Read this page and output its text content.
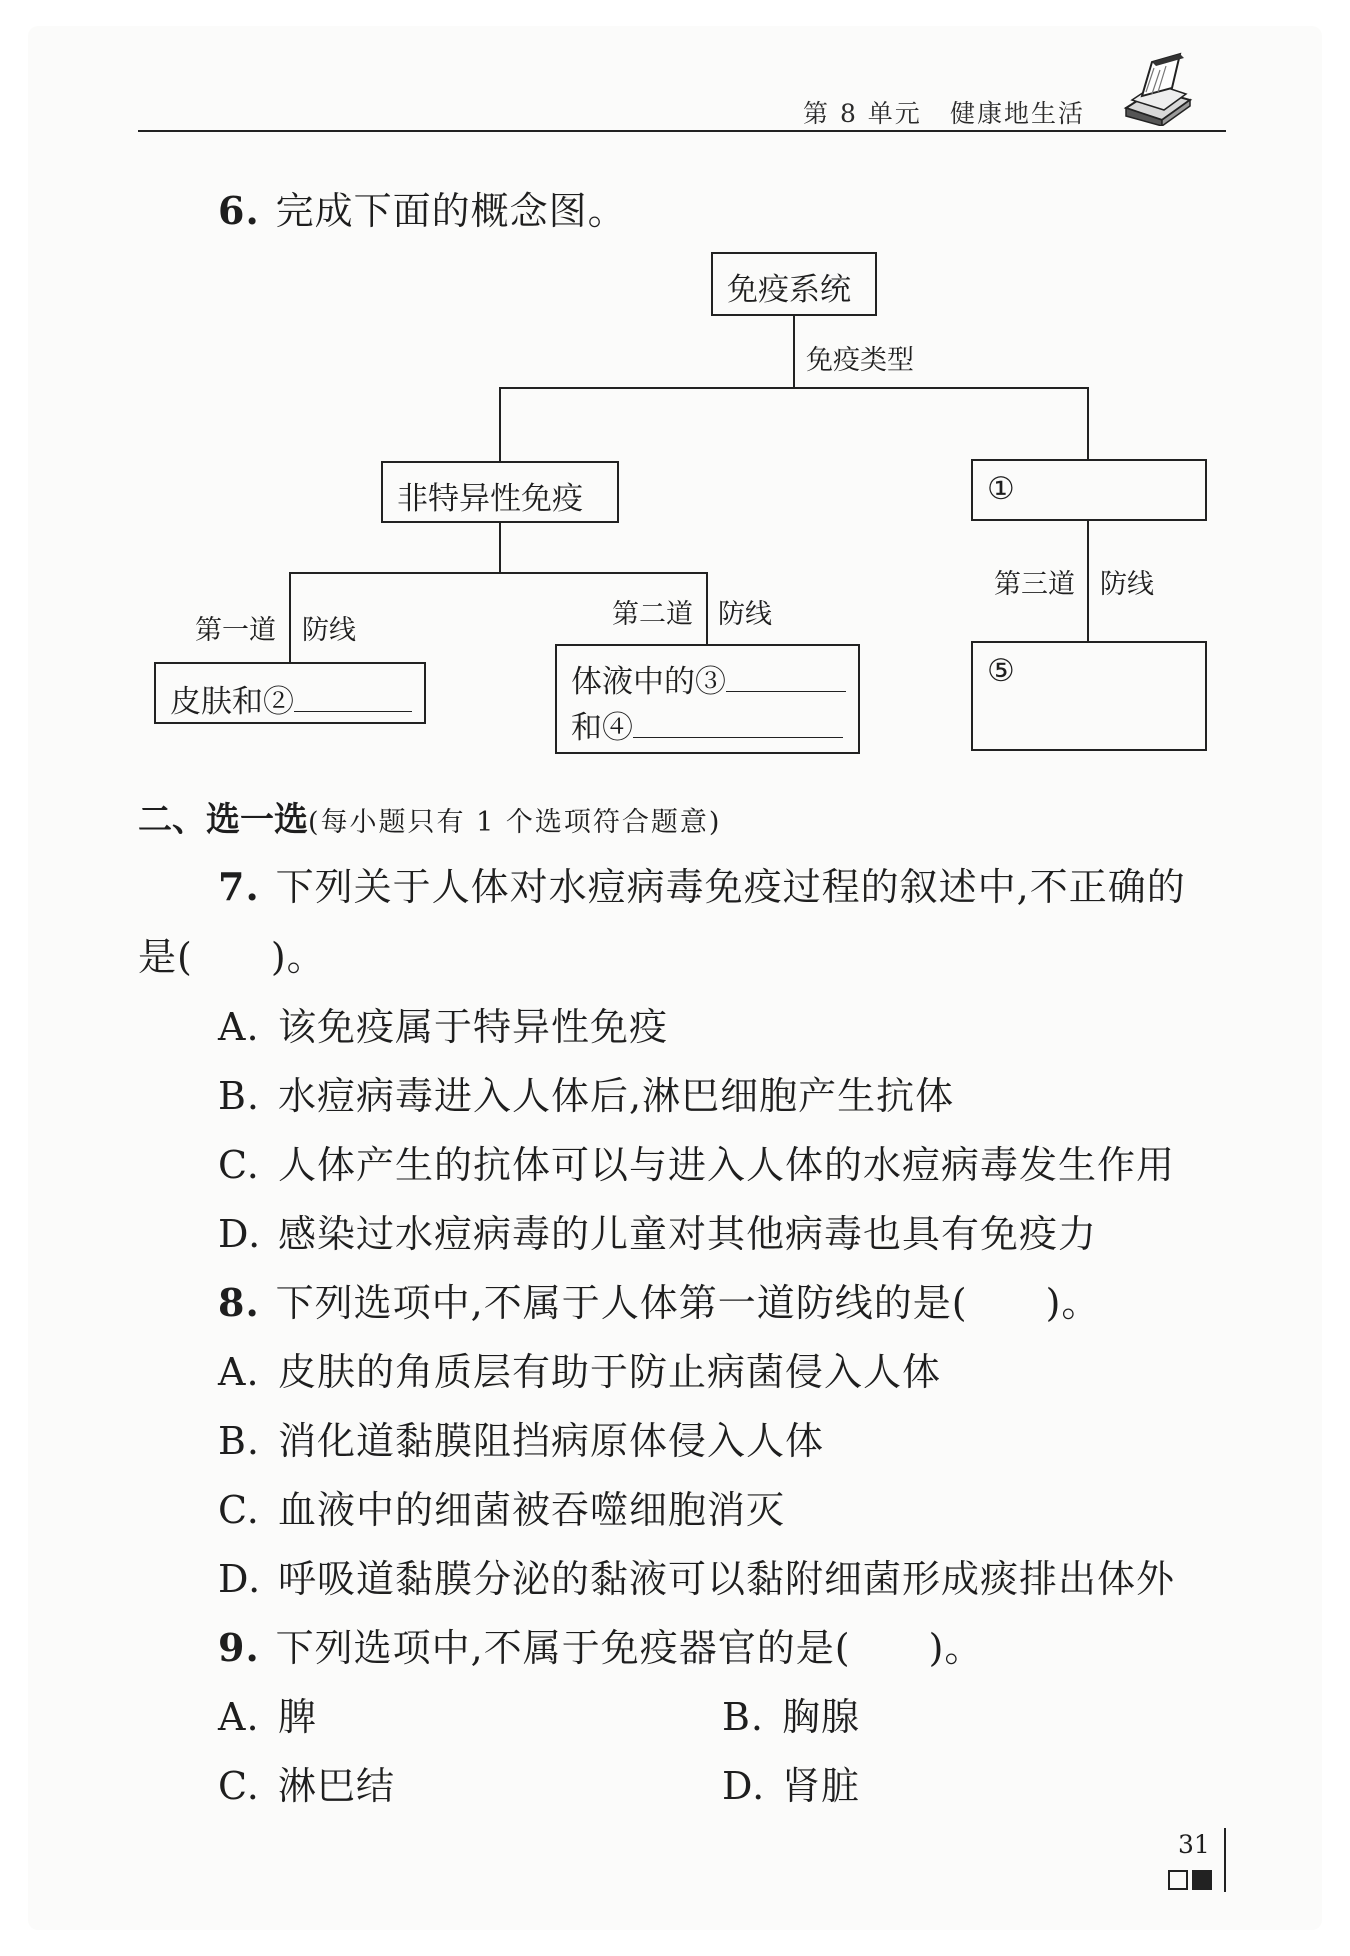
第 8 单元 健康地生活
6. 完成下面的概念图。
免疫系统
免疫类型
非特异性免疫	①
第一道 防线
第二道 防线
第三道 防线
皮肤和②
体液中的③
和④
⑤
二、选一选(每小题只有 1 个选项符合题意)
7. 下列关于人体对水痘病毒免疫过程的叙述中,不正确的
是(　　)。
A. 该免疫属于特异性免疫
B. 水痘病毒进入人体后,淋巴细胞产生抗体
C. 人体产生的抗体可以与进入人体的水痘病毒发生作用
D. 感染过水痘病毒的儿童对其他病毒也具有免疫力
8. 下列选项中,不属于人体第一道防线的是(　　)。
A. 皮肤的角质层有助于防止病菌侵入人体
B. 消化道黏膜阻挡病原体侵入人体
C. 血液中的细菌被吞噬细胞消灭
D. 呼吸道黏膜分泌的黏液可以黏附细菌形成痰排出体外
9. 下列选项中,不属于免疫器官的是(　　)。
A. 脾	B. 胸腺
C. 淋巴结	D. 肾脏
31
